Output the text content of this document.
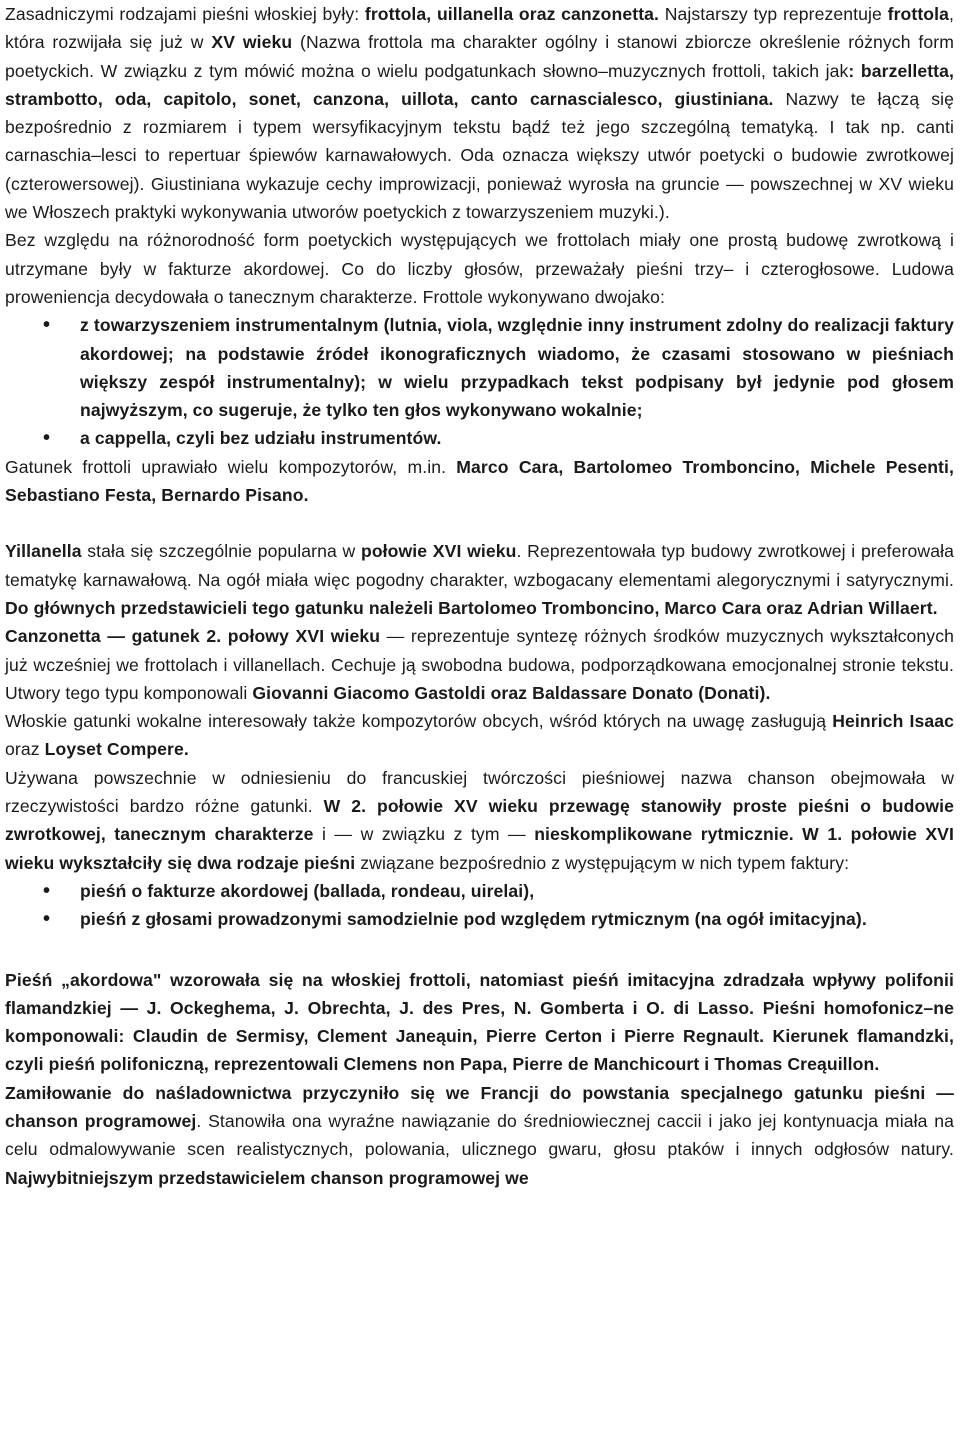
Zasadniczymi rodzajami pieśni włoskiej były: frottola, uillanella oraz canzonetta. Najstarszy typ reprezentuje frottola, która rozwijała się już w XV wieku (Nazwa frottola ma charakter ogólny i stanowi zbiorcze określenie różnych form poetyckich. W związku z tym mówić można o wielu podgatunkach słowno–muzycznych frottoli, takich jak: barzelletta, strambotto, oda, capitolo, sonet, canzona, uillota, canto carnascialesco, giustiniana. Nazwy te łączą się bezpośrednio z rozmiarem i typem wersyfikacyjnym tekstu bądź też jego szczególną tematyką. I tak np. canti carnaschia–lesci to repertuar śpiewów karnawałowych. Oda oznacza większy utwór poetycki o budowie zwrotkowej (czterowersowej). Giustiniana wykazuje cechy improwizacji, ponieważ wyrosła na gruncie — powszechnej w XV wieku we Włoszech praktyki wykonywania utworów poetyckich z towarzyszeniem muzyki.).

Bez względu na różnorodność form poetyckich występujących we frottolach miały one prostą budowę zwrotkową i utrzymane były w fakturze akordowej. Co do liczby głosów, przeważały pieśni trzy– i czterogłosowe. Ludowa proweniencja decydowała o tanecznym charakterze. Frottole wykonywano dwojako:

• z towarzyszeniem instrumentalnym (lutnia, viola, względnie inny instrument zdolny do realizacji faktury akordowej; na podstawie źródeł ikonograficznych wiadomo, że czasami stosowano w pieśniach większy zespół instrumentalny); w wielu przypadkach tekst podpisany był jedynie pod głosem najwyższym, co sugeruje, że tylko ten głos wykonywano wokalnie;
• a cappella, czyli bez udziału instrumentów.

Gatunek frottoli uprawiało wielu kompozytorów, m.in. Marco Cara, Bartolomeo Tromboncino, Michele Pesenti, Sebastiano Festa, Bernardo Pisano.

Yillanella stała się szczególnie popularna w połowie XVI wieku. Reprezentowała typ budowy zwrotkowej i preferowała tematykę karnawałową. Na ogół miała więc pogodny charakter, wzbogacany elementami alegorycznymi i satyrycznymi. Do głównych przedstawicieli tego gatunku należeli Bartolomeo Tromboncino, Marco Cara oraz Adrian Willaert.

Canzonetta — gatunek 2. połowy XVI wieku — reprezentuje syntezę różnych środków muzycznych wykształconych już wcześniej we frottolach i villanellach. Cechuje ją swobodna budowa, podporządkowana emocjonalnej stronie tekstu. Utwory tego typu komponowali Giovanni Giacomo Gastoldi oraz Baldassare Donato (Donati).

Włoskie gatunki wokalne interesowały także kompozytorów obcych, wśród których na uwagę zasługują Heinrich Isaac oraz Loyset Compere.

Używana powszechnie w odniesieniu do francuskiej twórczości pieśniowej nazwa chanson obejmowała w rzeczywistości bardzo różne gatunki. W 2. połowie XV wieku przewagę stanowiły proste pieśni o budowie zwrotkowej, tanecznym charakterze i — w związku z tym — nieskomplikowane rytmicznie. W 1. połowie XVI wieku wykształciły się dwa rodzaje pieśni związane bezpośrednio z występującym w nich typem faktury:

• pieśń o fakturze akordowej (ballada, rondeau, uirelai),
• pieśń z głosami prowadzonymi samodzielnie pod względem rytmicznym (na ogół imitacyjna).

Pieśń „akordowa" wzorowała się na włoskiej frottoli, natomiast pieśń imitacyjna zdradzała wpływy polifonii flamandzkiej — J. Ockeghema, J. Obrechta, J. des Pres, N. Gomberta i O. di Lasso. Pieśni homofonicz–ne komponowali: Claudin de Sermisy, Clement Janeąuin, Pierre Certon i Pierre Regnault. Kierunek flamandzki, czyli pieśń polifoniczną, reprezentowali Clemens non Papa, Pierre de Manchicourt i Thomas Creąuillon.

Zamiłowanie do naśladownictwa przyczyniło się we Francji do powstania specjalnego gatunku pieśni — chanson programowej. Stanowiła ona wyraźne nawiązanie do średniowiecznej caccii i jako jej kontynuacja miała na celu odmalowywanie scen realistycznych, polowania, ulicznego gwaru, głosu ptaków i innych odgłosów natury. Najwybitniejszym przedstawicielem chanson programowej we
